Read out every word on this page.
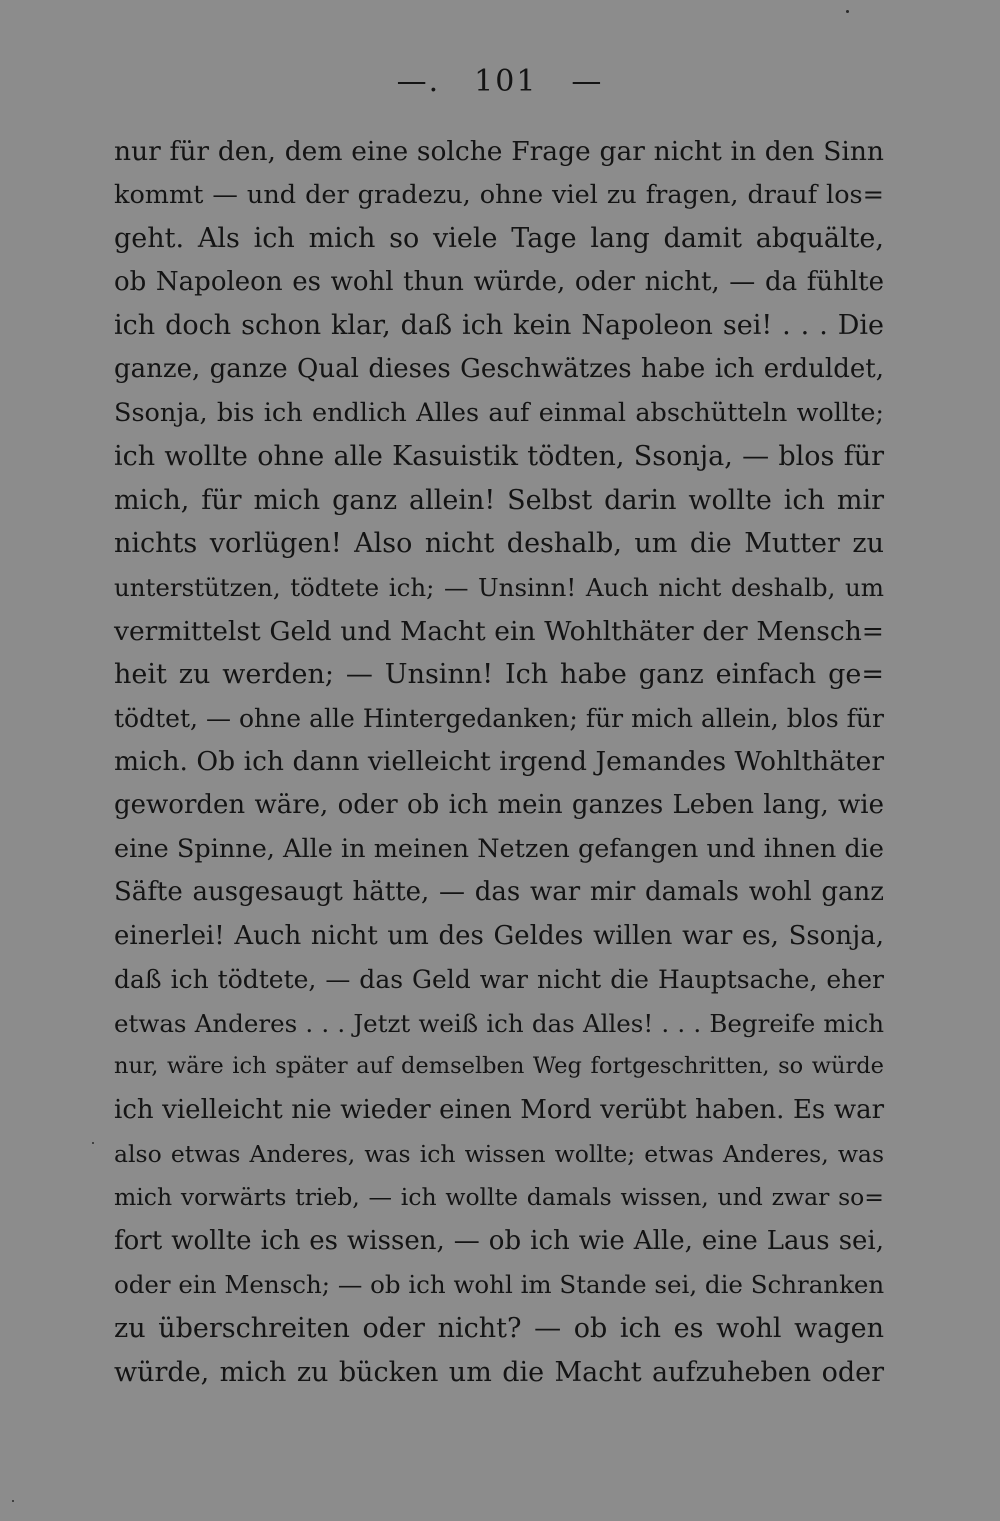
—. 101 —
nur für den, dem eine solche Frage gar nicht in den Sinn
kommt — und der gradezu, ohne viel zu fragen, drauf los=
geht. Als ich mich so viele Tage lang damit abquälte,
ob Napoleon es wohl thun würde, oder nicht, — da fühlte
ich doch schon klar, daß ich kein Napoleon sei! . . . Die
ganze, ganze Qual dieses Geschwätzes habe ich erduldet,
Ssonja, bis ich endlich Alles auf einmal abschütteln wollte;
ich wollte ohne alle Kasuistik tödten, Ssonja, — blos für
mich, für mich ganz allein! Selbst darin wollte ich mir
nichts vorlügen! Also nicht deshalb, um die Mutter zu
unterstützen, tödtete ich; — Unsinn! Auch nicht deshalb, um
vermittelst Geld und Macht ein Wohlthäter der Mensch=
heit zu werden; — Unsinn! Ich habe ganz einfach ge=
tödtet, — ohne alle Hintergedanken; für mich allein, blos für
mich. Ob ich dann vielleicht irgend Jemandes Wohlthäter
geworden wäre, oder ob ich mein ganzes Leben lang, wie
eine Spinne, Alle in meinen Netzen gefangen und ihnen die
Säfte ausgesaugt hätte, — das war mir damals wohl ganz
einerlei! Auch nicht um des Geldes willen war es, Ssonja,
daß ich tödtete, — das Geld war nicht die Hauptsache, eher
etwas Anderes . . . Jetzt weiß ich das Alles! . . . Begreife mich
nur, wäre ich später auf demselben Weg fortgeschritten, so würde
ich vielleicht nie wieder einen Mord verübt haben. Es war
also etwas Anderes, was ich wissen wollte; etwas Anderes, was
mich vorwärts trieb, — ich wollte damals wissen, und zwar so=
fort wollte ich es wissen, — ob ich wie Alle, eine Laus sei,
oder ein Mensch; — ob ich wohl im Stande sei, die Schranken
zu überschreiten oder nicht? — ob ich es wohl wagen
würde, mich zu bücken um die Macht aufzuheben oder
